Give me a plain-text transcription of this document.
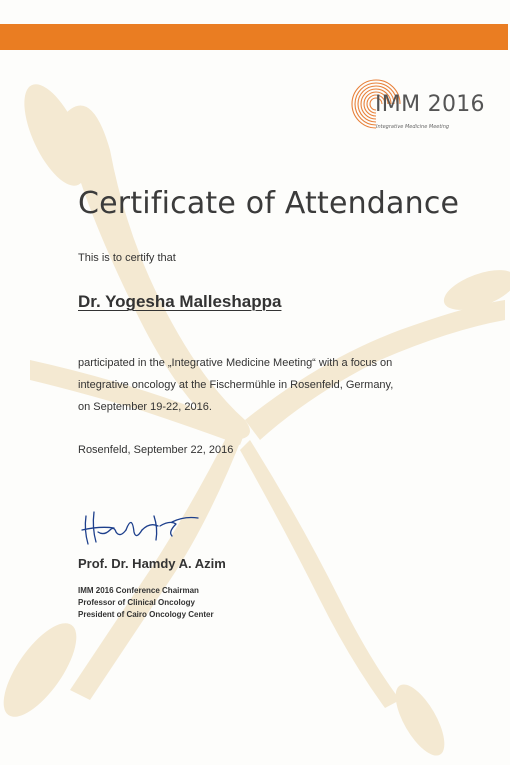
IMM 2016
Integrative Medicine Meeting
Certificate of Attendance
This is to certify that
Dr. Yogesha Malleshappa
participated in the „Integrative Medicine Meeting“ with a focus on
integrative oncology at the Fischermühle in Rosenfeld, Germany,
on September 19-22, 2016.
Rosenfeld, September 22, 2016
Prof. Dr. Hamdy A. Azim
IMM 2016 Conference Chairman
Professor of Clinical Oncology
President of Cairo Oncology Center
